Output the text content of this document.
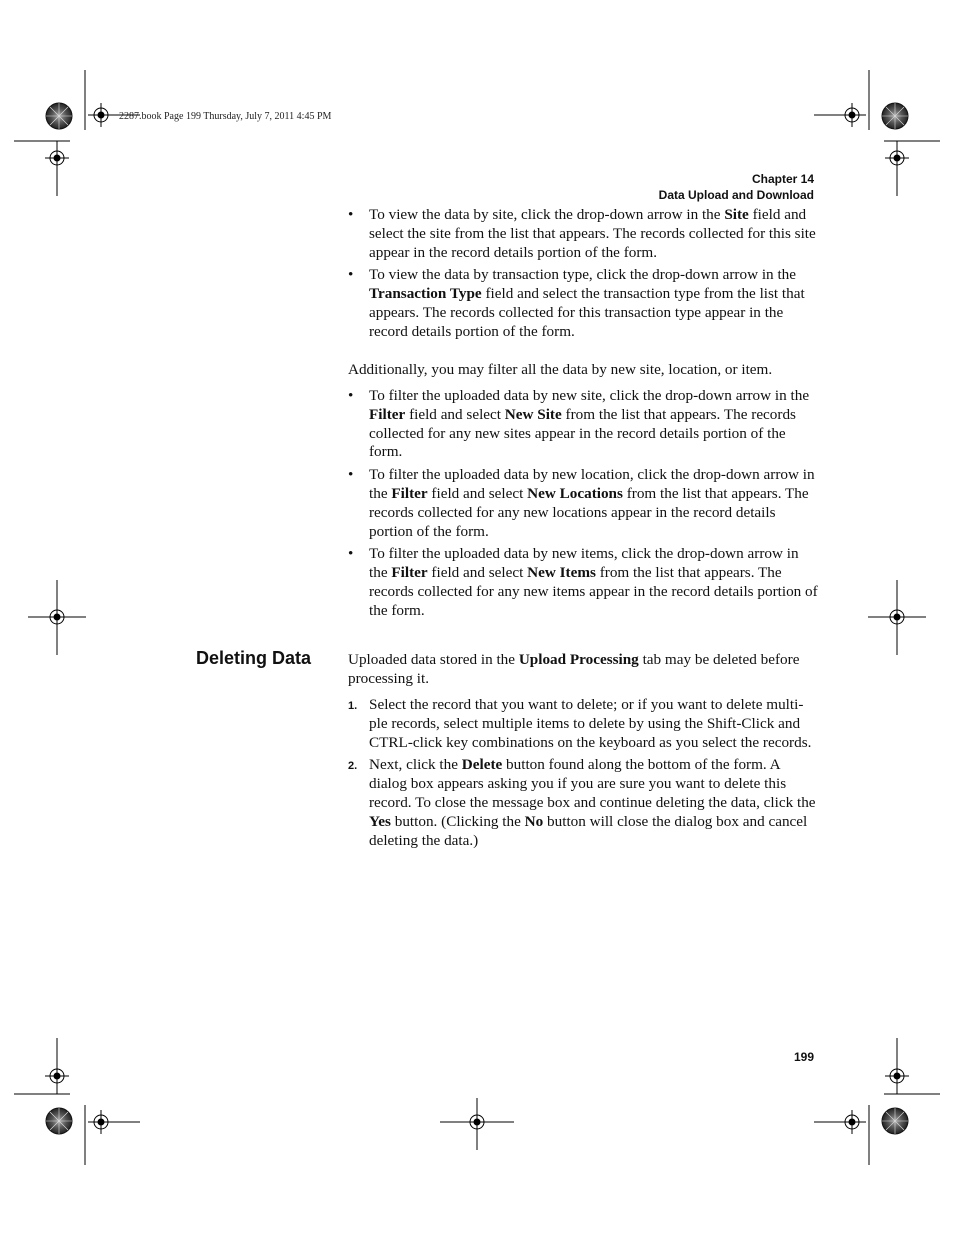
2287.book Page 199 Thursday, July 7, 2011 4:45 PM
Chapter 14
Data Upload and Download
• To view the data by site, click the drop-down arrow in the Site field and select the site from the list that appears. The records collected for this site appear in the record details portion of the form.
• To view the data by transaction type, click the drop-down arrow in the Transaction Type field and select the transaction type from the list that appears. The records collected for this transaction type appear in the record details portion of the form.
Additionally, you may filter all the data by new site, location, or item.
• To filter the uploaded data by new site, click the drop-down arrow in the Filter field and select New Site from the list that appears. The records collected for any new sites appear in the record details portion of the form.
• To filter the uploaded data by new location, click the drop-down arrow in the Filter field and select New Locations from the list that appears. The records collected for any new locations appear in the record details portion of the form.
• To filter the uploaded data by new items, click the drop-down arrow in the Filter field and select New Items from the list that appears. The records collected for any new items appear in the record details portion of the form.
Deleting Data Uploaded data stored in the Upload Processing tab may be deleted before processing it.
1. Select the record that you want to delete; or if you want to delete multi-ple records, select multiple items to delete by using the Shift-Click and CTRL-click key combinations on the keyboard as you select the records.
2. Next, click the Delete button found along the bottom of the form. A dialog box appears asking you if you are sure you want to delete this record. To close the message box and continue deleting the data, click the Yes button. (Clicking the No button will close the dialog box and cancel deleting the data.)
199
